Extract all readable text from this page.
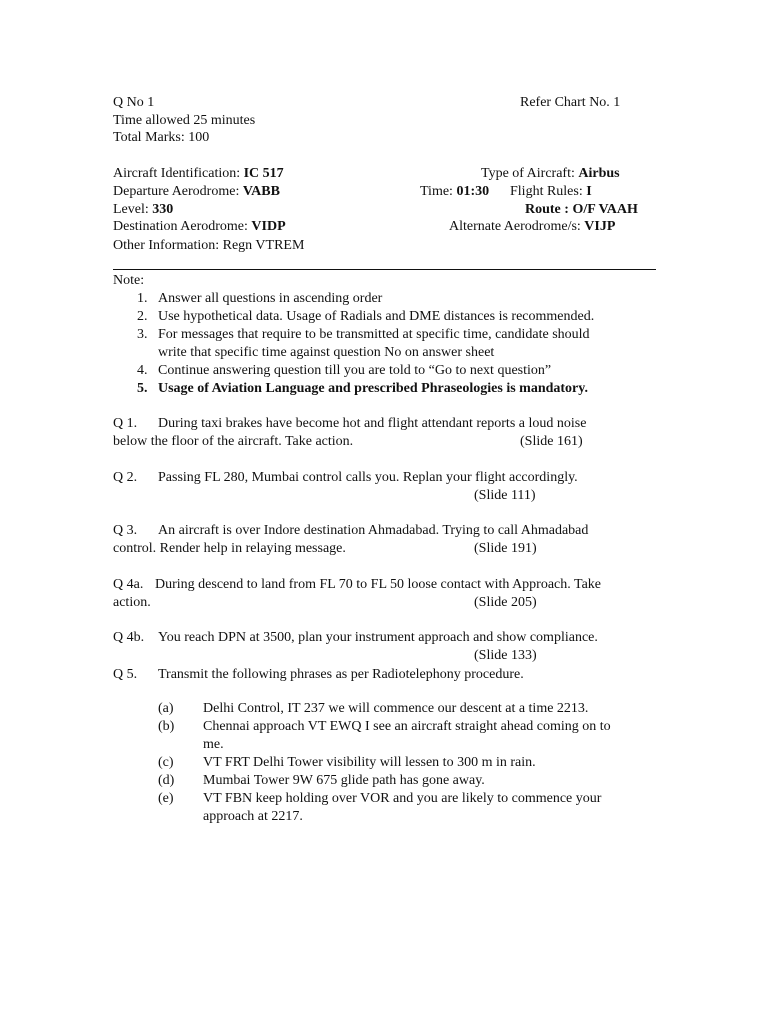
Q No 1	Refer Chart No. 1
Time allowed 25 minutes
Total Marks: 100
Aircraft Identification: IC 517	Type of Aircraft: Airbus
Departure Aerodrome: VABB	Time: 01:30 Flight Rules: I
Level: 330	Route : O/F VAAH
Destination Aerodrome: VIDP	Alternate Aerodrome/s: VIJP
Other Information: Regn VTREM
Note:
1. Answer all questions in ascending order
2. Use hypothetical data. Usage of Radials and DME distances is recommended.
3. For messages that require to be transmitted at specific time, candidate should
write that specific time against question No on answer sheet
4. Continue answering question till you are told to “Go to next question”
5. Usage of Aviation Language and prescribed Phraseologies is mandatory.
Q 1. During taxi brakes have become hot and flight attendant reports a loud noise
below the floor of the aircraft. Take action.	(Slide 161)
Q 2. Passing FL 280, Mumbai control calls you. Replan your flight accordingly.
(Slide 111)
Q 3. An aircraft is over Indore destination Ahmadabad. Trying to call Ahmadabad
control. Render help in relaying message.	(Slide 191)
Q 4a. During descend to land from FL 70 to FL 50 loose contact with Approach. Take
action.	(Slide 205)
Q 4b. You reach DPN at 3500, plan your instrument approach and show compliance.
(Slide 133)
Q 5. Transmit the following phrases as per Radiotelephony procedure.
(a) Delhi Control, IT 237 we will commence our descent at a time 2213.
(b) Chennai approach VT EWQ I see an aircraft straight ahead coming on to
me.
(c) VT FRT Delhi Tower visibility will lessen to 300 m in rain.
(d) Mumbai Tower 9W 675 glide path has gone away.
(e) VT FBN keep holding over VOR and you are likely to commence your
approach at 2217.
